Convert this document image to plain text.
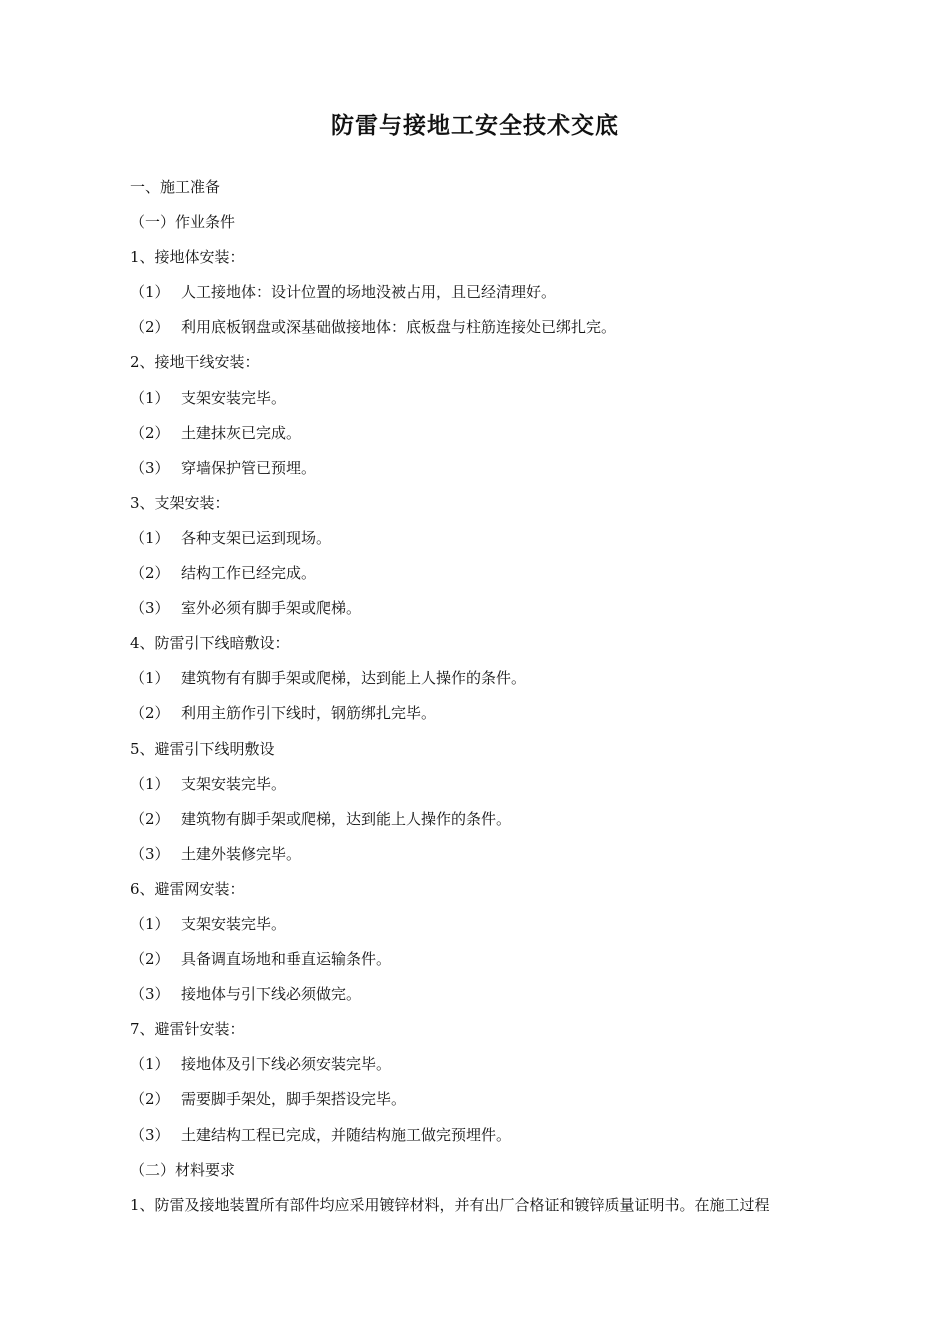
防雷与接地工安全技术交底
一、施工准备
（一）作业条件
1、接地体安装：
（1） 人工接地体：设计位置的场地没被占用，且已经清理好。
（2） 利用底板钢盘或深基础做接地体：底板盘与柱筋连接处已绑扎完。
2、接地干线安装：
（1） 支架安装完毕。
（2） 土建抹灰已完成。
（3） 穿墙保护管已预埋。
3、支架安装：
（1） 各种支架已运到现场。
（2） 结构工作已经完成。
（3） 室外必须有脚手架或爬梯。
4、防雷引下线暗敷设：
（1） 建筑物有有脚手架或爬梯，达到能上人操作的条件。
（2） 利用主筋作引下线时，钢筋绑扎完毕。
5、避雷引下线明敷设
（1） 支架安装完毕。
（2） 建筑物有脚手架或爬梯，达到能上人操作的条件。
（3） 土建外装修完毕。
6、避雷网安装：
（1） 支架安装完毕。
（2） 具备调直场地和垂直运输条件。
（3） 接地体与引下线必须做完。
7、避雷针安装：
（1） 接地体及引下线必须安装完毕。
（2） 需要脚手架处，脚手架搭设完毕。
（3） 土建结构工程已完成，并随结构施工做完预埋件。
（二）材料要求
1、防雷及接地装置所有部件均应采用镀锌材料，并有出厂合格证和镀锌质量证明书。在施工过程
